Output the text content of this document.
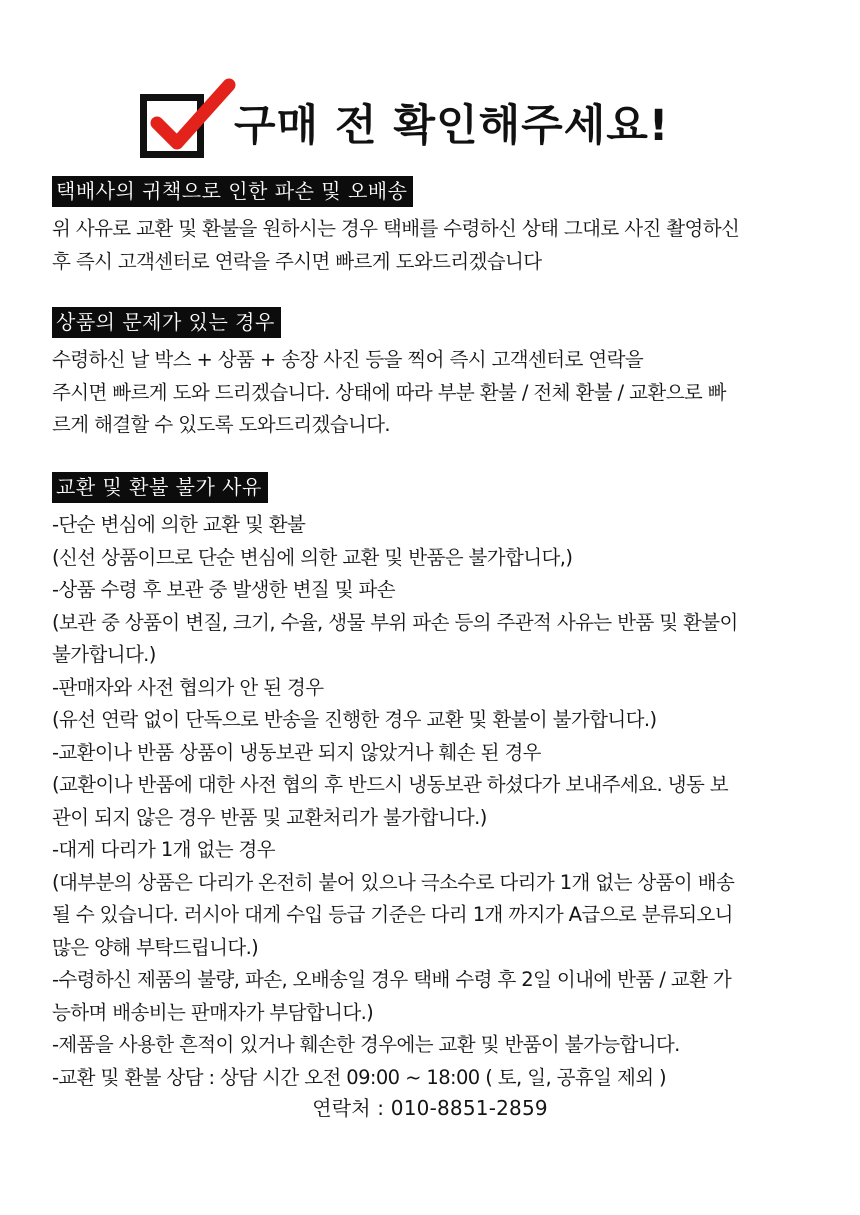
구매 전 확인해주세요!
택배사의 귀책으로 인한 파손 및 오배송
위 사유로 교환 및 환불을 원하시는 경우 택배를 수령하신 상태 그대로 사진 촬영하신
후 즉시 고객센터로 연락을 주시면 빠르게 도와드리겠습니다
상품의 문제가 있는 경우
수령하신 날 박스 + 상품 + 송장 사진 등을 찍어 즉시 고객센터로 연락을
주시면 빠르게 도와 드리겠습니다. 상태에 따라 부분 환불 / 전체 환불 / 교환으로 빠
르게 해결할 수 있도록 도와드리겠습니다.
교환 및 환불 불가 사유
-단순 변심에 의한 교환 및 환불
(신선 상품이므로 단순 변심에 의한 교환 및 반품은 불가합니다,)
-상품 수령 후 보관 중 발생한 변질 및 파손
(보관 중 상품이 변질, 크기, 수율, 생물 부위 파손 등의 주관적 사유는 반품 및 환불이
불가합니다.)
-판매자와 사전 협의가 안 된 경우
(유선 연락 없이 단독으로 반송을 진행한 경우 교환 및 환불이 불가합니다.)
-교환이나 반품 상품이 냉동보관 되지 않았거나 훼손 된 경우
(교환이나 반품에 대한 사전 협의 후 반드시 냉동보관 하셨다가 보내주세요. 냉동 보
관이 되지 않은 경우 반품 및 교환처리가 불가합니다.)
-대게 다리가 1개 없는 경우
(대부분의 상품은 다리가 온전히 붙어 있으나 극소수로 다리가 1개 없는 상품이 배송
될 수 있습니다. 러시아 대게 수입 등급 기준은 다리 1개 까지가 A급으로 분류되오니
많은 양해 부탁드립니다.)
-수령하신 제품의 불량, 파손, 오배송일 경우 택배 수령 후 2일 이내에 반품 / 교환 가
능하며 배송비는 판매자가 부담합니다.)
-제품을 사용한 흔적이 있거나 훼손한 경우에는 교환 및 반품이 불가능합니다.
-교환 및 환불 상담 : 상담 시간 오전 09:00 ~ 18:00 ( 토, 일, 공휴일 제외 )
연락처 : 010-8851-2859
